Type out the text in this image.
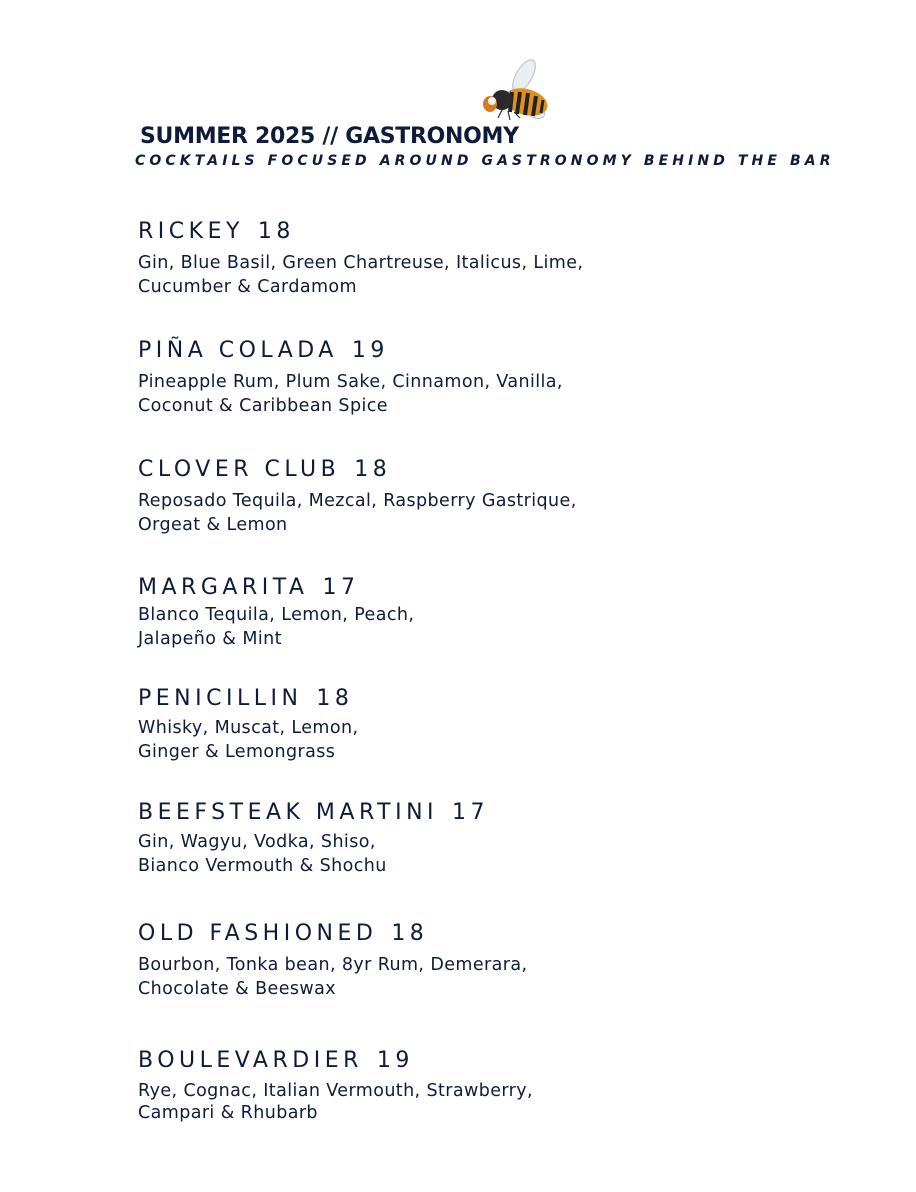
SUMMER 2025 // GASTRONOMY
COCKTAILS FOCUSED AROUND GASTRONOMY BEHIND THE BAR
RICKEY 18
Gin, Blue Basil, Green Chartreuse, Italicus, Lime,
Cucumber & Cardamom
PIÑA COLADA 19
Pineapple Rum, Plum Sake, Cinnamon, Vanilla,
Coconut & Caribbean Spice
CLOVER CLUB 18
Reposado Tequila, Mezcal, Raspberry Gastrique,
Orgeat & Lemon
MARGARITA 17
Blanco Tequila, Lemon, Peach,
Jalapeño & Mint
PENICILLIN 18
Whisky, Muscat, Lemon,
Ginger & Lemongrass
BEEFSTEAK MARTINI 17
Gin, Wagyu, Vodka, Shiso,
Bianco Vermouth & Shochu
OLD FASHIONED 18
Bourbon, Tonka bean, 8yr Rum, Demerara,
Chocolate & Beeswax
BOULEVARDIER 19
Rye, Cognac, Italian Vermouth, Strawberry,
Campari & Rhubarb
